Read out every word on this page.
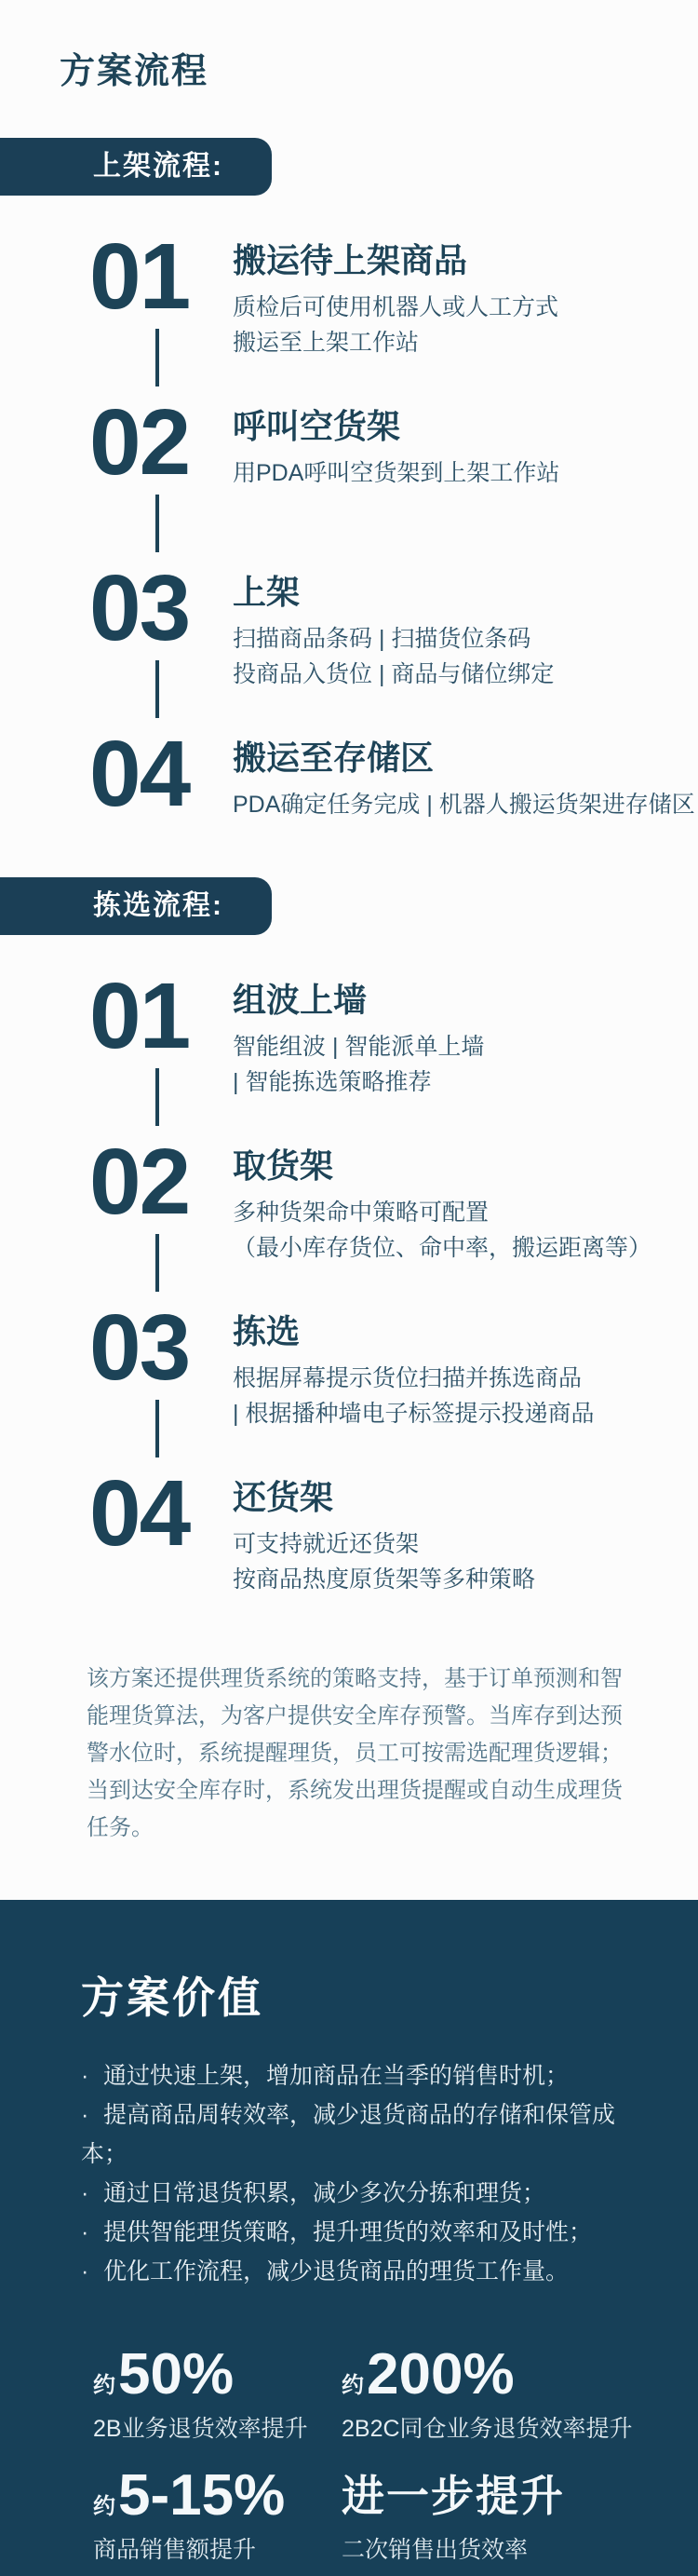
方案流程
上架流程:
01 搬运待上架商品
质检后可使用机器人或人工方式
搬运至上架工作站
02 呼叫空货架
用PDA呼叫空货架到上架工作站
03 上架
扫描商品条码 | 扫描货位条码
投商品入货位 | 商品与储位绑定
04 搬运至存储区
PDA确定任务完成 | 机器人搬运货架进存储区
拣选流程:
01 组波上墙
智能组波 | 智能派单上墙
| 智能拣选策略推荐
02 取货架
多种货架命中策略可配置
（最小库存货位、命中率，搬运距离等）
03 拣选
根据屏幕提示货位扫描并拣选商品
| 根据播种墙电子标签提示投递商品
04 还货架
可支持就近还货架
按商品热度原货架等多种策略

该方案还提供理货系统的策略支持，基于订单预测和智能理货算法，为客户提供安全库存预警。当库存到达预警水位时，系统提醒理货，员工可按需选配理货逻辑；当到达安全库存时，系统发出理货提醒或自动生成理货任务。

方案价值
· 通过快速上架，增加商品在当季的销售时机；
· 提高商品周转效率，减少退货商品的存储和保管成本；
· 通过日常退货积累，减少多次分拣和理货；
· 提供智能理货策略，提升理货的效率和及时性；
· 优化工作流程，减少退货商品的理货工作量。
约 50%
2B业务退货效率提升
约 200%
2B2C同仓业务退货效率提升
约 5-15%
商品销售额提升
进一步提升
二次销售出货效率
